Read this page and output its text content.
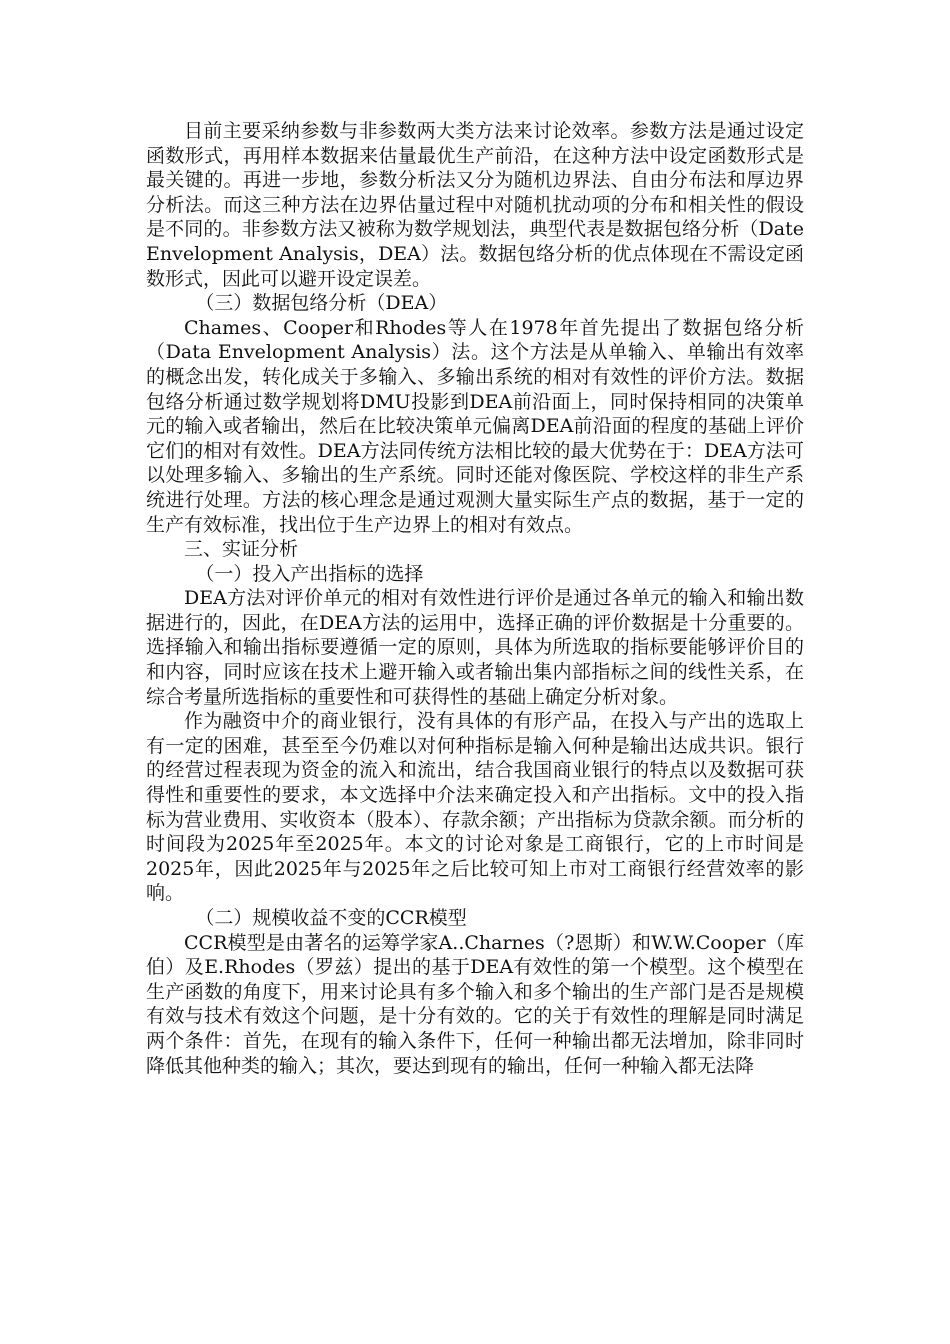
目前主要采纳参数与非参数两大类方法来讨论效率。参数方法是通过设定函数形式，再用样本数据来估量最优生产前沿，在这种方法中设定函数形式是最关键的。再进一步地，参数分析法又分为随机边界法、自由分布法和厚边界分析法。而这三种方法在边界估量过程中对随机扰动项的分布和相关性的假设是不同的。非参数方法又被称为数学规划法，典型代表是数据包络分析（Date Envelopment Analysis，DEA）法。数据包络分析的优点体现在不需设定函数形式，因此可以避开设定误差。

（三）数据包络分析（DEA）

Chames、Cooper和Rhodes等人在1978年首先提出了数据包络分析（Data Envelopment Analysis）法。这个方法是从单输入、单输出有效率的概念出发，转化成关于多输入、多输出系统的相对有效性的评价方法。数据包络分析通过数学规划将DMU投影到DEA前沿面上，同时保持相同的决策单元的输入或者输出，然后在比较决策单元偏离DEA前沿面的程度的基础上评价它们的相对有效性。DEA方法同传统方法相比较的最大优势在于：DEA方法可以处理多输入、多输出的生产系统。同时还能对像医院、学校这样的非生产系统进行处理。方法的核心理念是通过观测大量实际生产点的数据，基于一定的生产有效标准，找出位于生产边界上的相对有效点。

三、实证分析

（一）投入产出指标的选择

DEA方法对评价单元的相对有效性进行评价是通过各单元的输入和输出数据进行的，因此，在DEA方法的运用中，选择正确的评价数据是十分重要的。选择输入和输出指标要遵循一定的原则，具体为所选取的指标要能够评价目的和内容，同时应该在技术上避开输入或者输出集内部指标之间的线性关系，在综合考量所选指标的重要性和可获得性的基础上确定分析对象。

作为融资中介的商业银行，没有具体的有形产品，在投入与产出的选取上有一定的困难，甚至至今仍难以对何种指标是输入何种是输出达成共识。银行的经营过程表现为资金的流入和流出，结合我国商业银行的特点以及数据可获得性和重要性的要求，本文选择中介法来确定投入和产出指标。文中的投入指标为营业费用、实收资本（股本）、存款余额；产出指标为贷款余额。而分析的时间段为2025年至2025年。本文的讨论对象是工商银行，它的上市时间是2025年，因此2025年与2025年之后比较可知上市对工商银行经营效率的影响。

（二）规模收益不变的CCR模型

CCR模型是由著名的运筹学家A..Charnes（?恩斯）和W.W.Cooper（库伯）及E.Rhodes（罗兹）提出的基于DEA有效性的第一个模型。这个模型在生产函数的角度下，用来讨论具有多个输入和多个输出的生产部门是否是规模有效与技术有效这个问题，是十分有效的。它的关于有效性的理解是同时满足两个条件：首先，在现有的输入条件下，任何一种输出都无法增加，除非同时降低其他种类的输入；其次，要达到现有的输出，任何一种输入都无法降
